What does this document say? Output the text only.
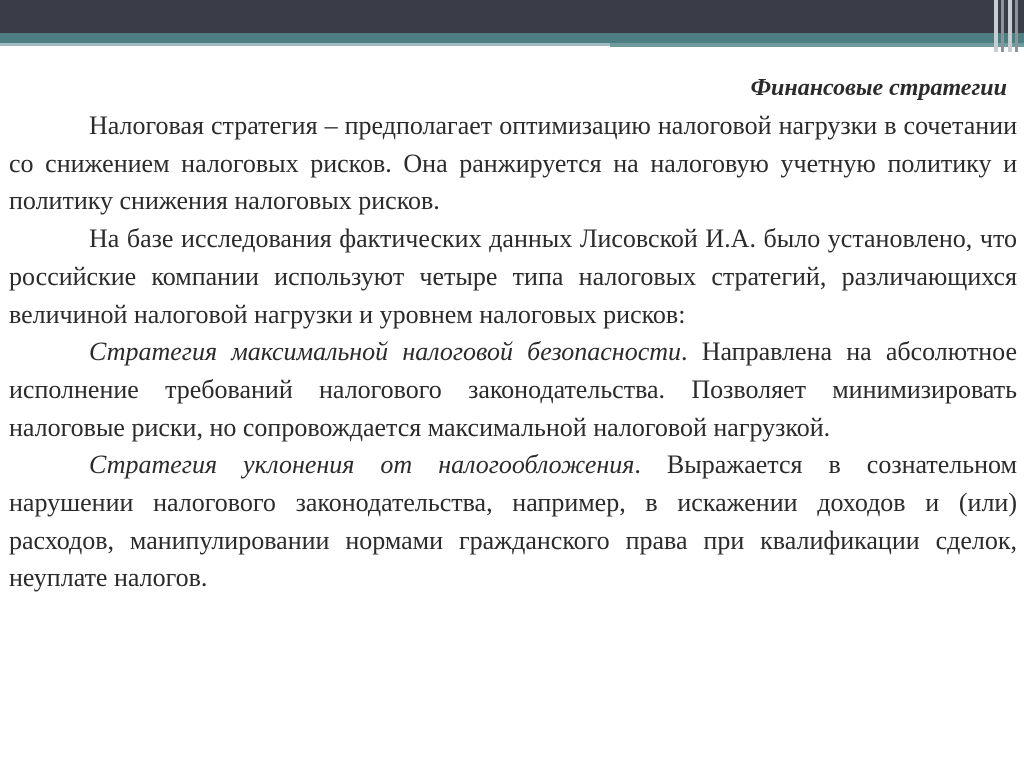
Финансовые стратегии

Налоговая стратегия – предполагает оптимизацию налоговой нагрузки в сочетании со снижением налоговых рисков. Она ранжируется на налоговую учетную политику и политику снижения налоговых рисков.

На базе исследования фактических данных Лисовской И.А. было установлено, что российские компании используют четыре типа налоговых стратегий, различающихся величиной налоговой нагрузки и уровнем налоговых рисков:

Стратегия максимальной налоговой безопасности. Направлена на абсолютное исполнение требований налогового законодательства. Позволяет минимизировать налоговые риски, но сопровождается максимальной налоговой нагрузкой.

Стратегия уклонения от налогообложения. Выражается в сознательном нарушении налогового законодательства, например, в искажении доходов и (или) расходов, манипулировании нормами гражданского права при квалификации сделок, неуплате налогов.
